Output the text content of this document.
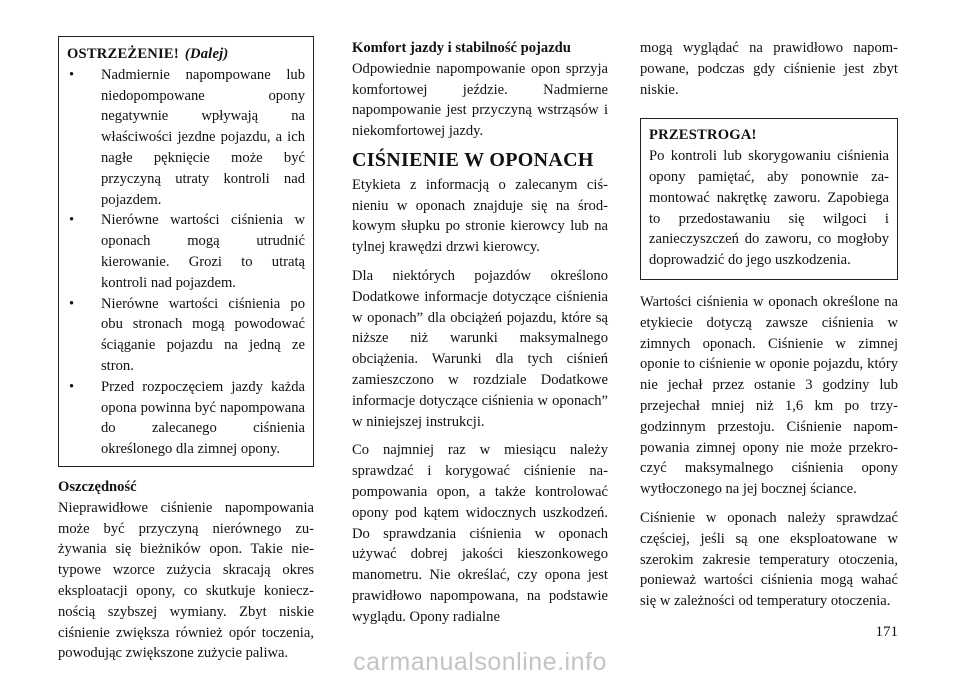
OSTRZEŻENIE! (Dalej)
• Nadmiernie napompowane lub niedopompowane opony negatywnie wpływają na właściwości jezdne pojazdu, a ich nagłe pęknięcie może być przyczyną utraty kontroli nad pojazdem.
• Nierówne wartości ciśnienia w oponach mogą utrudnić kierowanie. Grozi to utratą kontroli nad pojazdem.
• Nierówne wartości ciśnienia po obu stronach mogą powodować ściąganie pojazdu na jedną ze stron.
• Przed rozpoczęciem jazdy każda opona powinna być napompowana do zalecanego ciśnienia określonego dla zimnej opony.
Oszczędność

Nieprawidłowe ciśnienie napompowania może być przyczyną nierównego zużywania się bieżników opon. Takie nietypowe wzorce zużycia skracają okres eksploatacji opony, co skutkuje koniecznością szybszej wymiany. Zbyt niskie ciśnienie zwiększa również opór toczenia, powodując zwiększone zużycie paliwa.

Komfort jazdy i stabilność pojazdu

Odpowiednie napompowanie opon sprzyja komfortowej jeździe. Nadmierne napompowanie jest przyczyną wstrząsów i niekomfortowej jazdy.

CIŚNIENIE W OPONACH

Etykieta z informacją o zalecanym ciśnieniu w oponach znajduje się na środkowym słupku po stronie kierowcy lub na tylnej krawędzi drzwi kierowcy.

Dla niektórych pojazdów określono Dodatkowe informacje dotyczące ciśnienia w oponach” dla obciążeń pojazdu, które są niższe niż warunki maksymalnego obciążenia. Warunki dla tych ciśnień zamieszczono w rozdziale Dodatkowe informacje dotyczące ciśnienia w oponach” w niniejszej instrukcji.

Co najmniej raz w miesiącu należy sprawdzać i korygować ciśnienie napompowania opon, a także kontrolować opony pod kątem widocznych uszkodzeń. Do sprawdzania ciśnienia w oponach używać dobrej jakości kieszonkowego manometru. Nie określać, czy opona jest prawidłowo napompowana, na podstawie wyglądu. Opony radialne

mogą wyglądać na prawidłowo napompowane, podczas gdy ciśnienie jest zbyt niskie.

PRZESTROGA!

Po kontroli lub skorygowaniu ciśnienia opony pamiętać, aby ponownie zamontować nakrętkę zaworu. Zapobiega to przedostawaniu się wilgoci i zanieczyszczeń do zaworu, co mogłoby doprowadzić do jego uszkodzenia.

Wartości ciśnienia w oponach określone na etykiecie dotyczą zawsze ciśnienia w zimnych oponach. Ciśnienie w zimnej oponie to ciśnienie w oponie pojazdu, który nie jechał przez ostanie 3 godziny lub przejechał mniej niż 1,6 km po trzygodzinnym przestoju. Ciśnienie napompowania zimnej opony nie może przekroczyć maksymalnego ciśnienia opony wytłoczonego na jej bocznej ściance.

Ciśnienie w oponach należy sprawdzać częściej, jeśli są one eksploatowane w szerokim zakresie temperatury otoczenia, ponieważ wartości ciśnienia mogą wahać się w zależności od temperatury otoczenia.

171
carmanualsonline.info
